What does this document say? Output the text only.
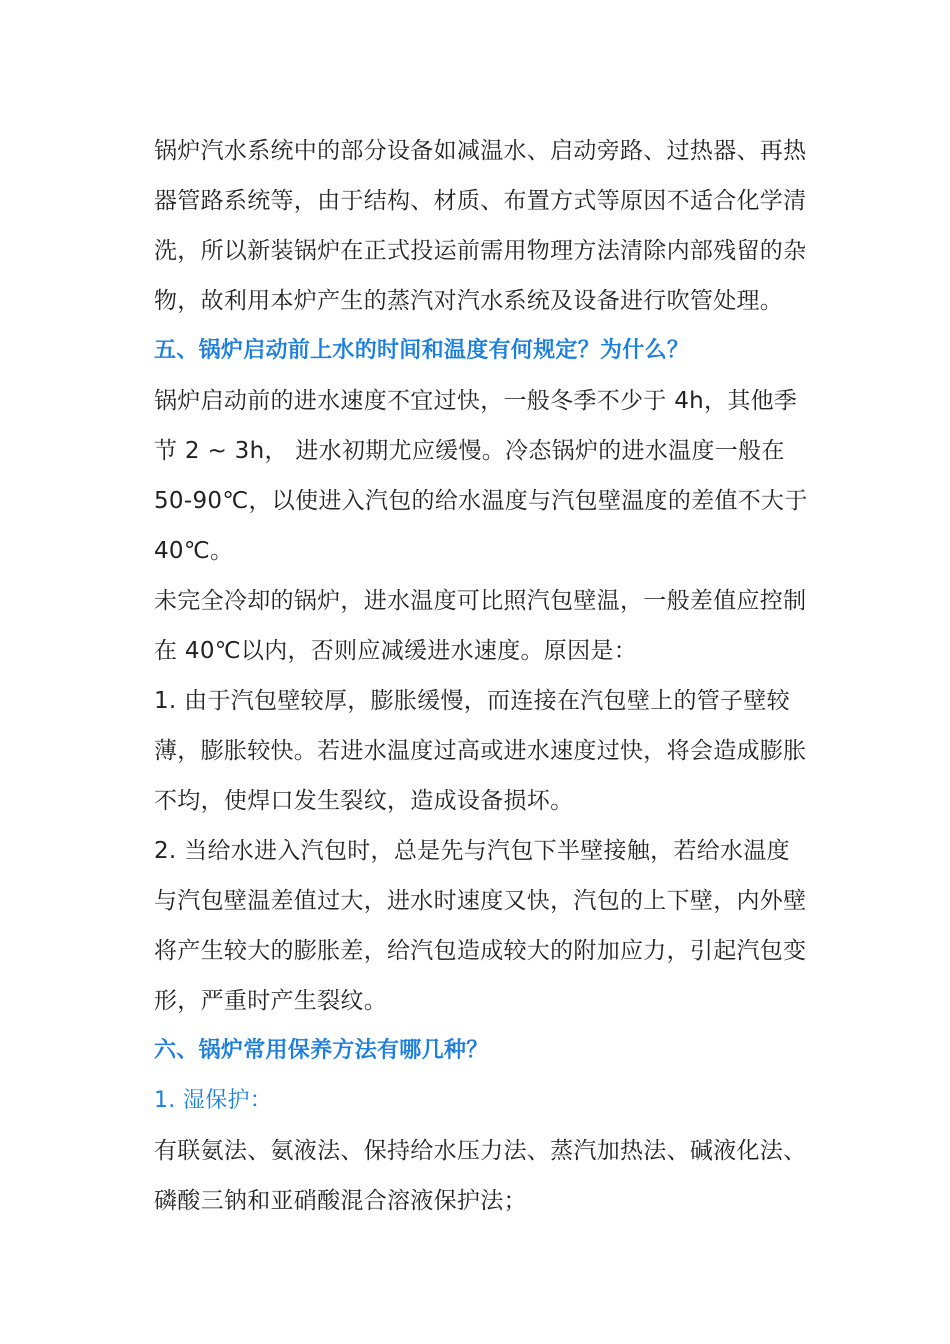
锅炉汽水系统中的部分设备如减温水、启动旁路、过热器、再热
器管路系统等，由于结构、材质、布置方式等原因不适合化学清
洗，所以新装锅炉在正式投运前需用物理方法清除内部残留的杂
物，故利用本炉产生的蒸汽对汽水系统及设备进行吹管处理。
五、锅炉启动前上水的时间和温度有何规定？为什么？
锅炉启动前的进水速度不宜过快，一般冬季不少于 4h，其他季
节 2 ~ 3h， 进水初期尤应缓慢。冷态锅炉的进水温度一般在
50-90℃，以使进入汽包的给水温度与汽包壁温度的差值不大于
40℃。
未完全冷却的锅炉，进水温度可比照汽包壁温，一般差值应控制
在 40℃以内，否则应减缓进水速度。原因是：
1. 由于汽包壁较厚，膨胀缓慢，而连接在汽包壁上的管子壁较
薄，膨胀较快。若进水温度过高或进水速度过快，将会造成膨胀
不均，使焊口发生裂纹，造成设备损坏。
2. 当给水进入汽包时，总是先与汽包下半壁接触，若给水温度
与汽包壁温差值过大，进水时速度又快，汽包的上下壁，内外壁
将产生较大的膨胀差，给汽包造成较大的附加应力，引起汽包变
形，严重时产生裂纹。
六、锅炉常用保养方法有哪几种？
1. 湿保护：
有联氨法、氨液法、保持给水压力法、蒸汽加热法、碱液化法、
磷酸三钠和亚硝酸混合溶液保护法；
